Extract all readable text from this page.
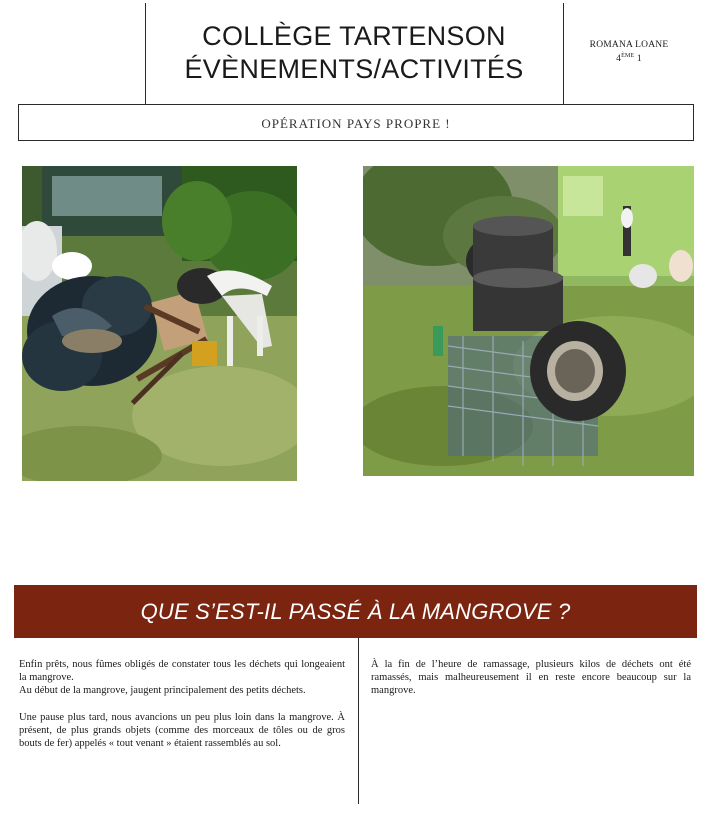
COLLÈGE TARTENSON
ÉVÈNEMENTS/ACTIVITÉS
ROMANA LOANE
4ÈME 1
OPÉRATION PAYS PROPRE !
QUE S’EST-IL PASSÉ À LA MANGROVE ?

Enfin prêts, nous fûmes obligés de constater tous les déchets qui longeaient la mangrove.

Au début de la mangrove, jaugent principalement des petits déchets.

Une pause plus tard, nous avancions un peu plus loin dans la mangrove. À présent, de plus grands objets (comme des morceaux de tôles ou de gros bouts de fer) appelés « tout venant » étaient rassemblés au sol.

À la fin de l’heure de ramassage, plusieurs kilos de déchets ont été ramassés, mais malheureusement il en reste encore beaucoup sur la mangrove.
